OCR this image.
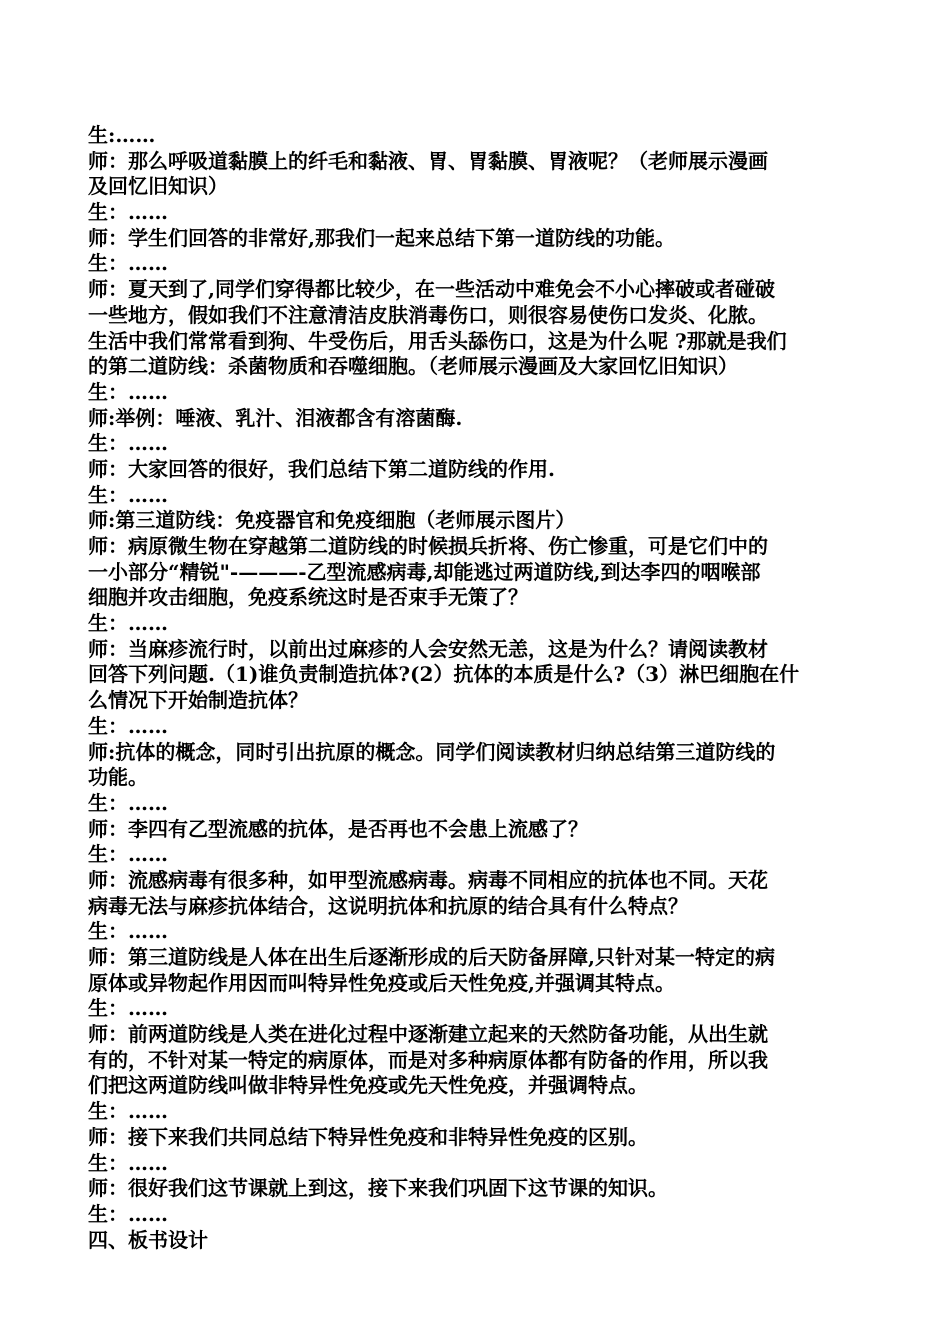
生:……
师：那么呼吸道黏膜上的纤毛和黏液、胃、胃黏膜、胃液呢？（老师展示漫画
及回忆旧知识）
生：……
师：学生们回答的非常好,那我们一起来总结下第一道防线的功能。
生：……
师：夏天到了,同学们穿得都比较少，在一些活动中难免会不小心摔破或者碰破
一些地方，假如我们不注意清洁皮肤消毒伤口，则很容易使伤口发炎、化脓。
生活中我们常常看到狗、牛受伤后，用舌头舔伤口，这是为什么呢 ?那就是我们
的第二道防线：杀菌物质和吞噬细胞。（老师展示漫画及大家回忆旧知识）
生：……
师:举例：唾液、乳汁、泪液都含有溶菌酶.
生：……
师：大家回答的很好，我们总结下第二道防线的作用.
生：……
师:第三道防线：免疫器官和免疫细胞（老师展示图片）
师：病原微生物在穿越第二道防线的时候损兵折将、伤亡惨重，可是它们中的
一小部分“精锐"-———-乙型流感病毒,却能逃过两道防线,到达李四的咽喉部
细胞并攻击细胞，免疫系统这时是否束手无策了？
生：……
师：当麻疹流行时，以前出过麻疹的人会安然无恙，这是为什么？请阅读教材
回答下列问题.（1)谁负责制造抗体?(2）抗体的本质是什么?（3）淋巴细胞在什
么情况下开始制造抗体？
生：……
师:抗体的概念，同时引出抗原的概念。同学们阅读教材归纳总结第三道防线的
功能。
生：……
师：李四有乙型流感的抗体，是否再也不会患上流感了？
生：……
师：流感病毒有很多种，如甲型流感病毒。病毒不同相应的抗体也不同。天花
病毒无法与麻疹抗体结合，这说明抗体和抗原的结合具有什么特点？
生：……
师：第三道防线是人体在出生后逐渐形成的后天防备屏障,只针对某一特定的病
原体或异物起作用因而叫特异性免疫或后天性免疫,并强调其特点。
生：……
师：前两道防线是人类在进化过程中逐渐建立起来的天然防备功能，从出生就
有的，不针对某一特定的病原体，而是对多种病原体都有防备的作用，所以我
们把这两道防线叫做非特异性免疫或先天性免疫，并强调特点。
生：……
师：接下来我们共同总结下特异性免疫和非特异性免疫的区别。
生：……
师：很好我们这节课就上到这，接下来我们巩固下这节课的知识。
生：……
四、板书设计
